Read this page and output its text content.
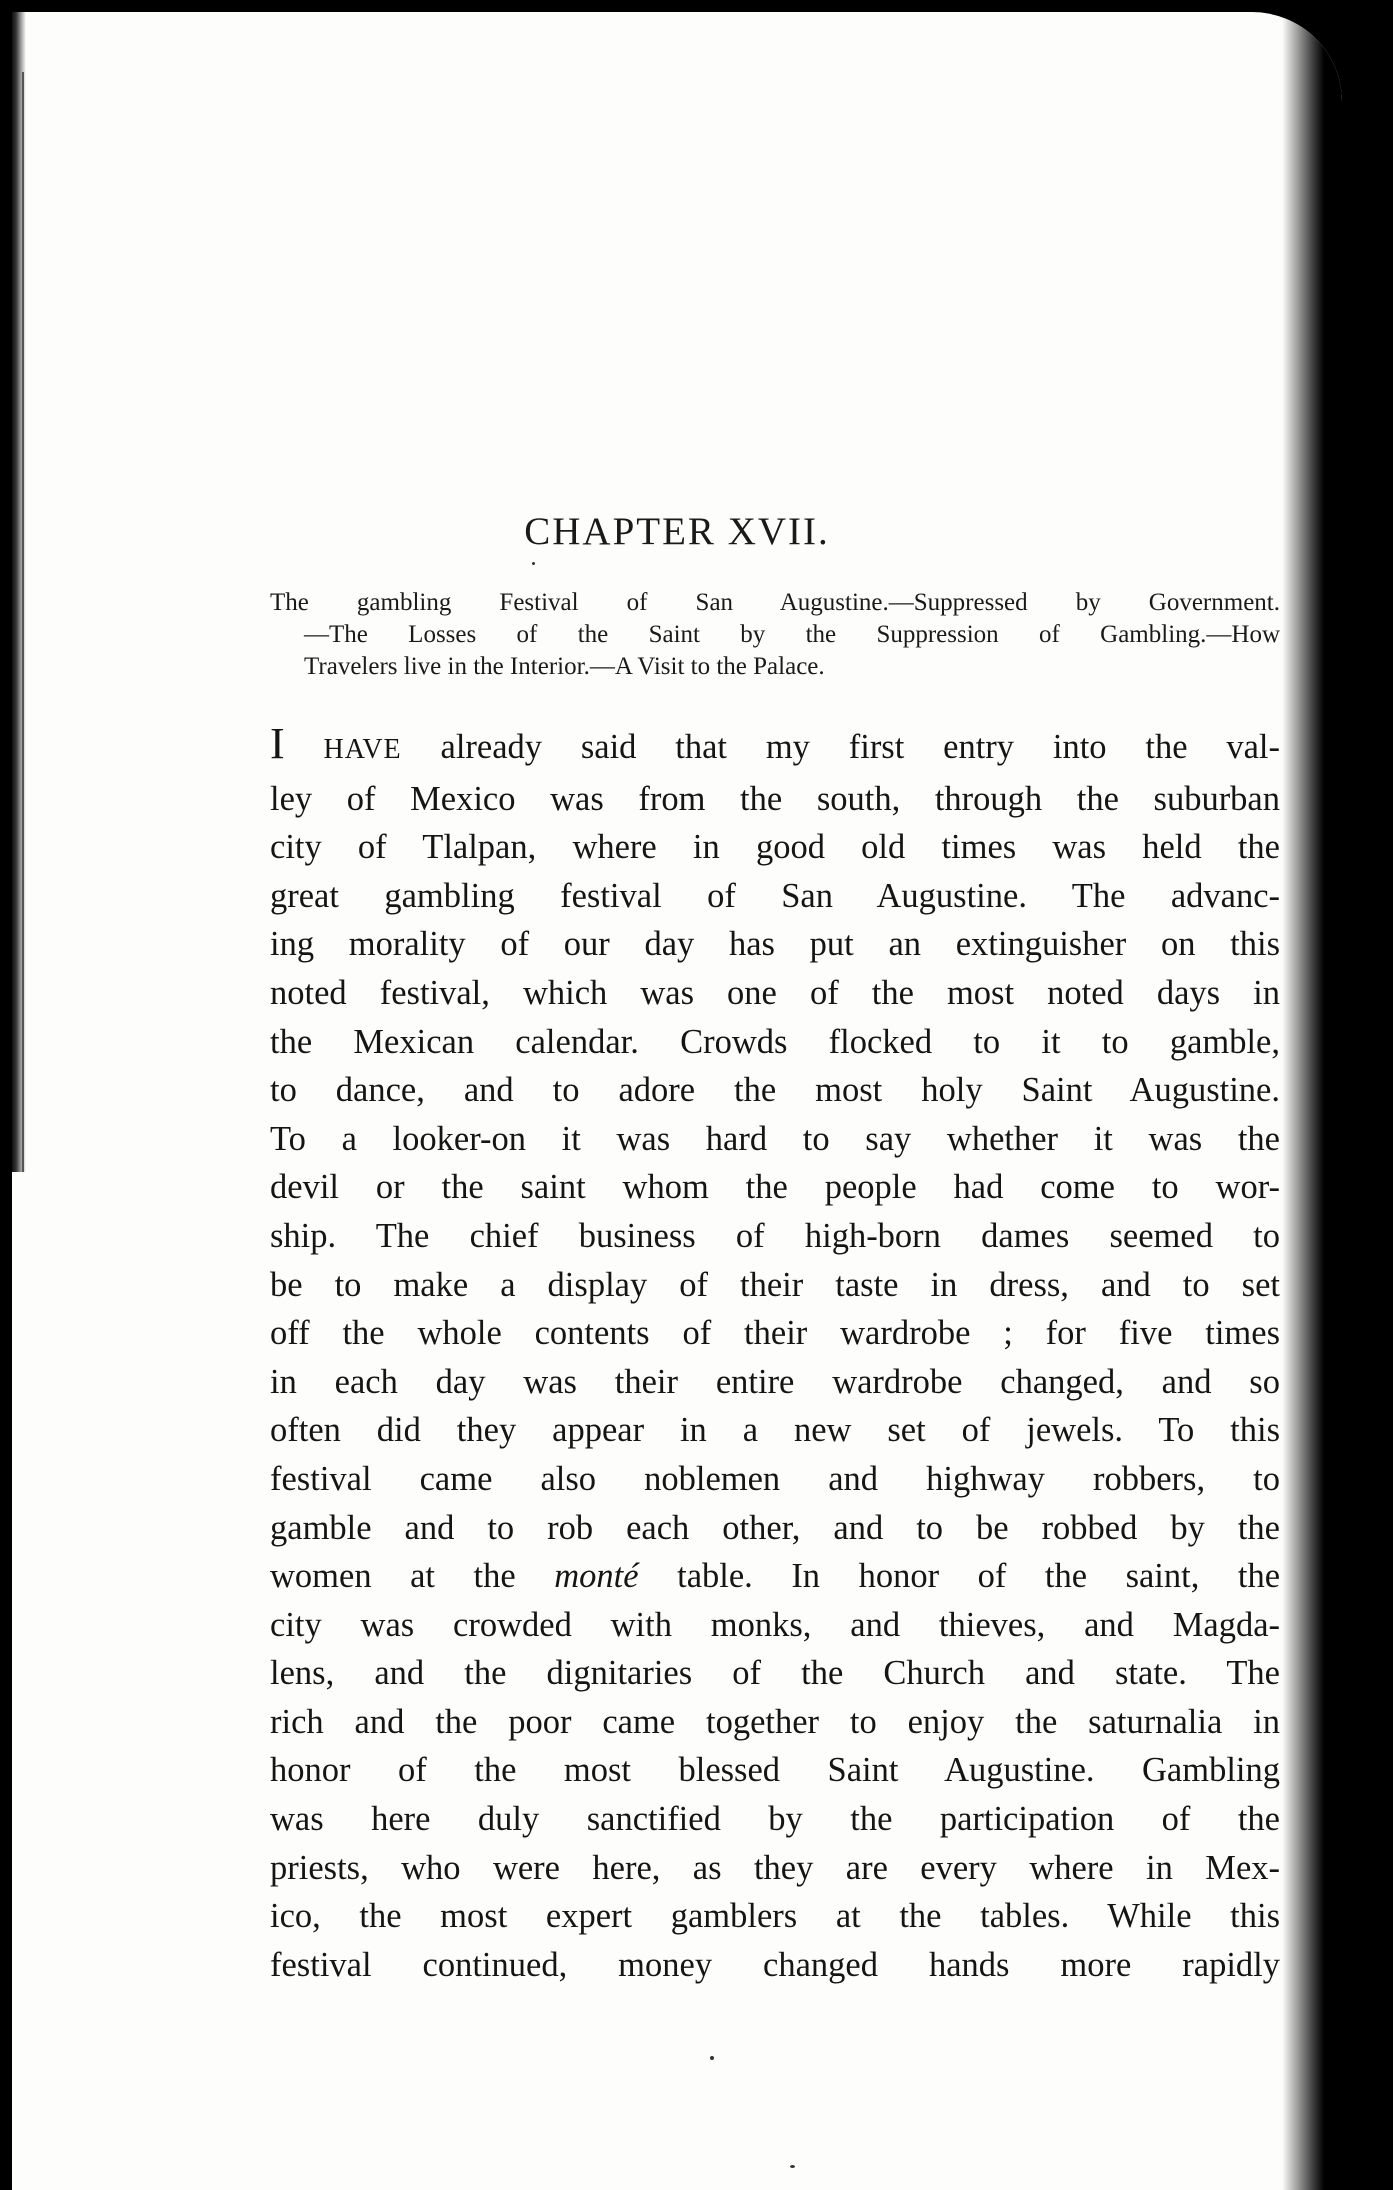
CHAPTER XVII.
The gambling Festival of San Augustine.—Suppressed by Government.
—The Losses of the Saint by the Suppression of Gambling.—How
Travelers live in the Interior.—A Visit to the Palace.
I HAVE already said that my first entry into the val-
ley of Mexico was from the south, through the suburban
city of Tlalpan, where in good old times was held the
great gambling festival of San Augustine. The advanc-
ing morality of our day has put an extinguisher on this
noted festival, which was one of the most noted days in
the Mexican calendar. Crowds flocked to it to gamble,
to dance, and to adore the most holy Saint Augustine.
To a looker-on it was hard to say whether it was the
devil or the saint whom the people had come to wor-
ship. The chief business of high-born dames seemed to
be to make a display of their taste in dress, and to set
off the whole contents of their wardrobe ; for five times
in each day was their entire wardrobe changed, and so
often did they appear in a new set of jewels. To this
festival came also noblemen and highway robbers, to
gamble and to rob each other, and to be robbed by the
women at the monté table. In honor of the saint, the
city was crowded with monks, and thieves, and Magda-
lens, and the dignitaries of the Church and state. The
rich and the poor came together to enjoy the saturnalia in
honor of the most blessed Saint Augustine. Gambling
was here duly sanctified by the participation of the
priests, who were here, as they are every where in Mex-
ico, the most expert gamblers at the tables. While this
festival continued, money changed hands more rapidly
